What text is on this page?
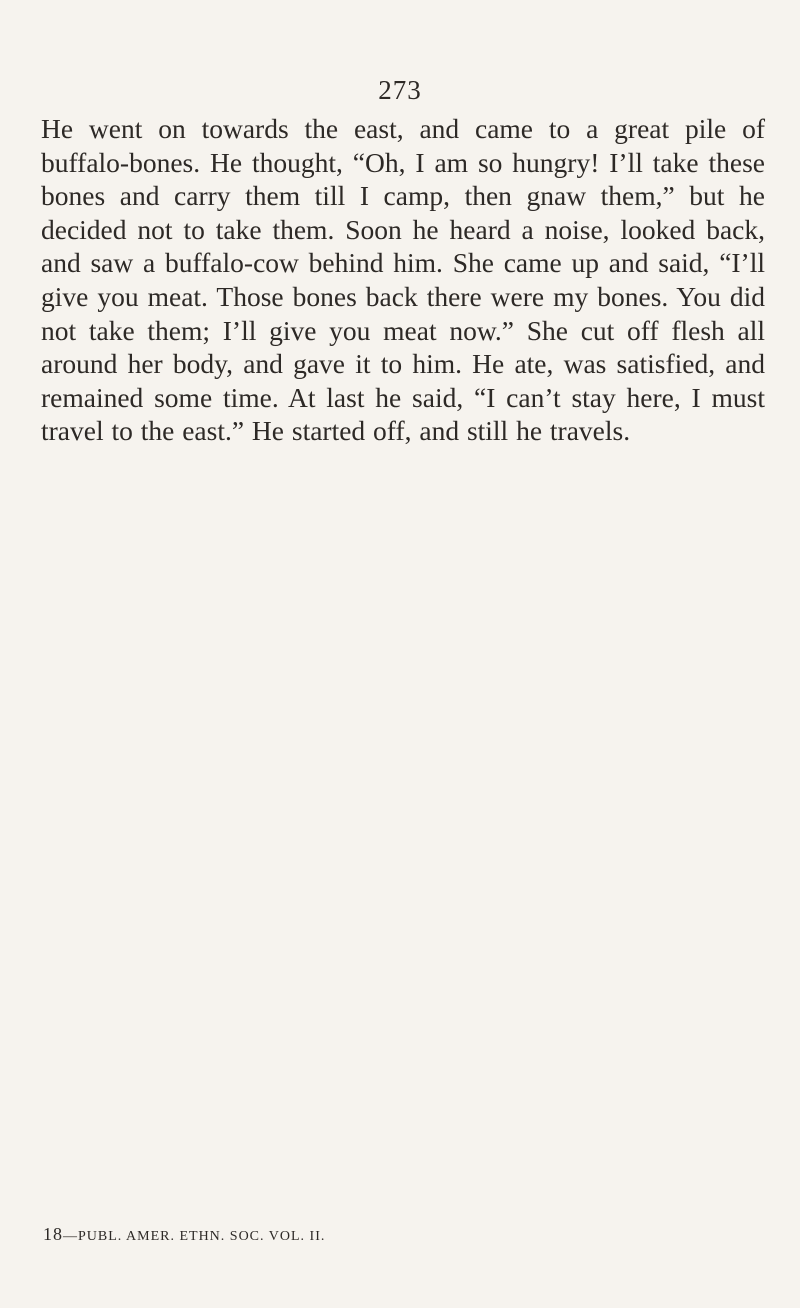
273

He went on towards the east, and came to a great pile of buffalo-bones. He thought, “Oh, I am so hungry! I’ll take these bones and carry them till I camp, then gnaw them,” but he decided not to take them. Soon he heard a noise, looked back, and saw a buffalo-cow behind him. She came up and said, “I’ll give you meat. Those bones back there were my bones. You did not take them; I’ll give you meat now.” She cut off flesh all around her body, and gave it to him. He ate, was satisfied, and remained some time. At last he said, “I can’t stay here, I must travel to the east.” He started off, and still he travels.

18—PUBL. AMER. ETHN. SOC. VOL. II.
